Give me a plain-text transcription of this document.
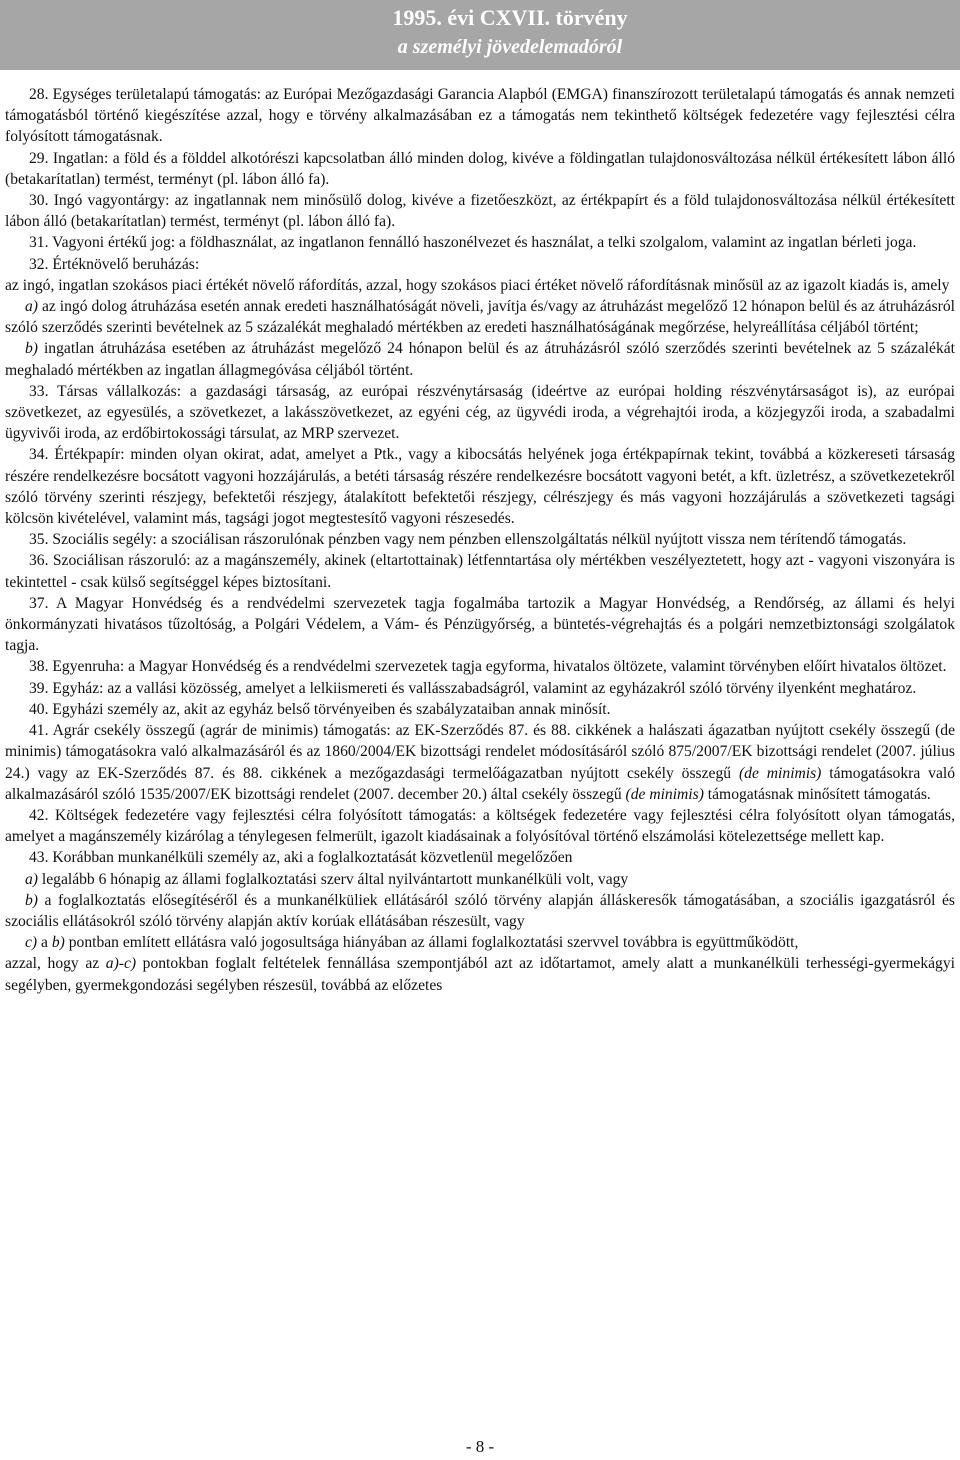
1995. évi CXVII. törvény
a személyi jövedelemadóról

28. Egységes területalapú támogatás: az Európai Mezőgazdasági Garancia Alapból (EMGA) finanszírozott területalapú támogatás és annak nemzeti támogatásból történő kiegészítése azzal, hogy e törvény alkalmazásában ez a támogatás nem tekinthető költségek fedezetére vagy fejlesztési célra folyósított támogatásnak.

29. Ingatlan: a föld és a földdel alkotórészi kapcsolatban álló minden dolog, kivéve a földingatlan tulajdonosváltozása nélkül értékesített lábon álló (betakarítatlan) termést, terményt (pl. lábon álló fa).

30. Ingó vagyontárgy: az ingatlannak nem minősülő dolog, kivéve a fizetőeszközt, az értékpapírt és a föld tulajdonosváltozása nélkül értékesített lábon álló (betakarítatlan) termést, terményt (pl. lábon álló fa).

31. Vagyoni értékű jog: a földhasználat, az ingatlanon fennálló haszonélvezet és használat, a telki szolgalom, valamint az ingatlan bérleti joga.

32. Értéknövelő beruházás:

az ingó, ingatlan szokásos piaci értékét növelő ráfordítás, azzal, hogy szokásos piaci értéket növelő ráfordításnak minősül az az igazolt kiadás is, amely

a) az ingó dolog átruházása esetén annak eredeti használhatóságát növeli, javítja és/vagy az átruházást megelőző 12 hónapon belül és az átruházásról szóló szerződés szerinti bevételnek az 5 százalékát meghaladó mértékben az eredeti használhatóságának megőrzése, helyreállítása céljából történt;

b) ingatlan átruházása esetében az átruházást megelőző 24 hónapon belül és az átruházásról szóló szerződés szerinti bevételnek az 5 százalékát meghaladó mértékben az ingatlan állagmegóvása céljából történt.

33. Társas vállalkozás: a gazdasági társaság, az európai részvénytársaság (ideértve az európai holding részvénytársaságot is), az európai szövetkezet, az egyesülés, a szövetkezet, a lakásszövetkezet, az egyéni cég, az ügyvédi iroda, a végrehajtói iroda, a közjegyzői iroda, a szabadalmi ügyvivői iroda, az erdőbirtokossági társulat, az MRP szervezet.

34. Értékpapír: minden olyan okirat, adat, amelyet a Ptk., vagy a kibocsátás helyének joga értékpapírnak tekint, továbbá a közkereseti társaság részére rendelkezésre bocsátott vagyoni hozzájárulás, a betéti társaság részére rendelkezésre bocsátott vagyoni betét, a kft. üzletrész, a szövetkezetekről szóló törvény szerinti részjegy, befektetői részjegy, átalakított befektetői részjegy, célrészjegy és más vagyoni hozzájárulás a szövetkezeti tagsági kölcsön kivételével, valamint más, tagsági jogot megtestesítő vagyoni részesedés.

35. Szociális segély: a szociálisan rászorulónak pénzben vagy nem pénzben ellenszolgáltatás nélkül nyújtott vissza nem térítendő támogatás.

36. Szociálisan rászoruló: az a magánszemély, akinek (eltartottainak) létfenntartása oly mértékben veszélyeztetett, hogy azt - vagyoni viszonyára is tekintettel - csak külső segítséggel képes biztosítani.

37. A Magyar Honvédség és a rendvédelmi szervezetek tagja fogalmába tartozik a Magyar Honvédség, a Rendőrség, az állami és helyi önkormányzati hivatásos tűzoltóság, a Polgári Védelem, a Vám- és Pénzügyőrség, a büntetés-végrehajtás és a polgári nemzetbiztonsági szolgálatok tagja.

38. Egyenruha: a Magyar Honvédség és a rendvédelmi szervezetek tagja egyforma, hivatalos öltözete, valamint törvényben előírt hivatalos öltözet.

39. Egyház: az a vallási közösség, amelyet a lelkiismereti és vallásszabadságról, valamint az egyházakról szóló törvény ilyenként meghatároz.

40. Egyházi személy az, akit az egyház belső törvényeiben és szabályzataiban annak minősít.

41. Agrár csekély összegű (agrár de minimis) támogatás: az EK-Szerződés 87. és 88. cikkének a halászati ágazatban nyújtott csekély összegű (de minimis) támogatásokra való alkalmazásáról és az 1860/2004/EK bizottsági rendelet módosításáról szóló 875/2007/EK bizottsági rendelet (2007. július 24.) vagy az EK-Szerződés 87. és 88. cikkének a mezőgazdasági termelőágazatban nyújtott csekély összegű (de minimis) támogatásokra való alkalmazásáról szóló 1535/2007/EK bizottsági rendelet (2007. december 20.) által csekély összegű (de minimis) támogatásnak minősített támogatás.

42. Költségek fedezetére vagy fejlesztési célra folyósított támogatás: a költségek fedezetére vagy fejlesztési célra folyósított olyan támogatás, amelyet a magánszemély kizárólag a ténylegesen felmerült, igazolt kiadásainak a folyósítóval történő elszámolási kötelezettsége mellett kap.

43. Korábban munkanélküli személy az, aki a foglalkoztatását közvetlenül megelőzően

a) legalább 6 hónapig az állami foglalkoztatási szerv által nyilvántartott munkanélküli volt, vagy

b) a foglalkoztatás elősegítéséről és a munkanélküliek ellátásáról szóló törvény alapján álláskeresők támogatásában, a szociális igazgatásról és szociális ellátásokról szóló törvény alapján aktív korúak ellátásában részesült, vagy

c) a b) pontban említett ellátásra való jogosultsága hiányában az állami foglalkoztatási szervvel továbbra is együttműködött,

azzal, hogy az a)-c) pontokban foglalt feltételek fennállása szempontjából azt az időtartamot, amely alatt a munkanélküli terhességi-gyermekágyi segélyben, gyermekgondozási segélyben részesül, továbbá az előzetes

- 8 -
